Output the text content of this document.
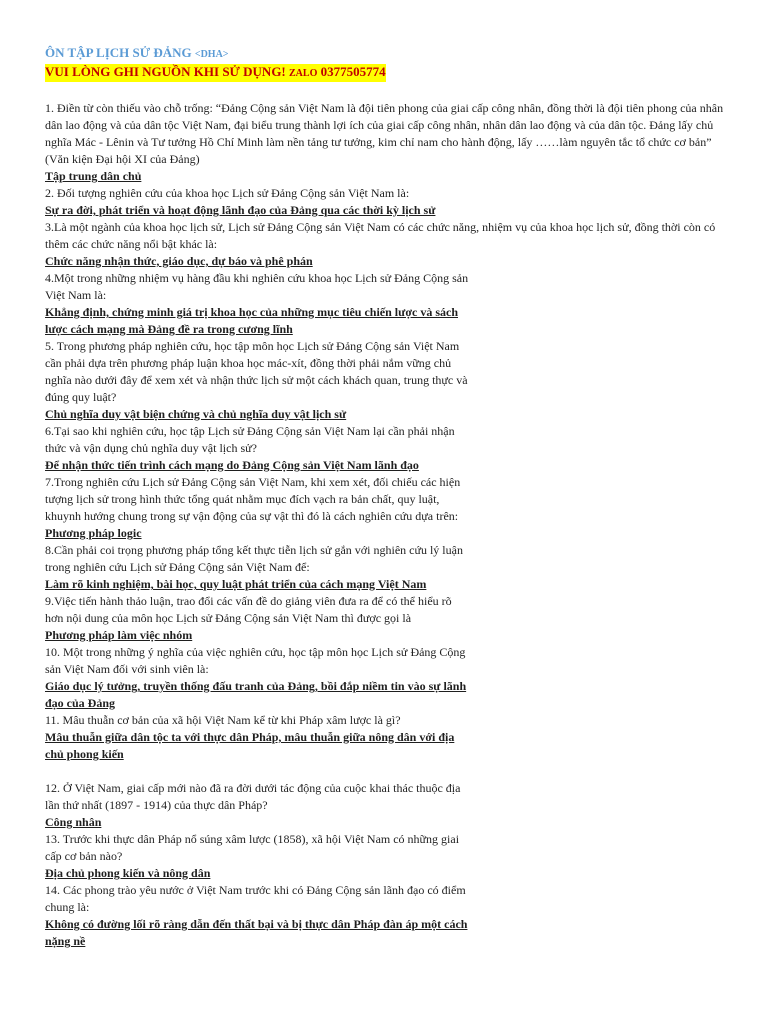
ÔN TẬP LỊCH SỬ ĐẢNG <DHA>
VUI LÒNG GHI NGUỒN KHI SỬ DỤNG! ZALO 0377505774

1. Điền từ còn thiếu vào chỗ trống: “Đảng Cộng sản Việt Nam là đội tiên phong của giai cấp công nhân, đồng thời là đội tiên phong của nhân dân lao động và của dân tộc Việt Nam, đại biểu trung thành lợi ích của giai cấp công nhân, nhân dân lao động và của dân tộc. Đảng lấy chủ nghĩa Mác - Lênin và Tư tưởng Hồ Chí Minh làm nền tảng tư tưởng, kim chỉ nam cho hành động, lấy ……làm nguyên tắc tổ chức cơ bản” (Văn kiện Đại hội XI của Đảng)

Tập trung dân chủ

2. Đối tượng nghiên cứu của khoa học Lịch sử Đảng Cộng sản Việt Nam là:

Sự ra đời, phát triển và hoạt động lãnh đạo của Đảng qua các thời kỳ lịch sử

3.Là một ngành của khoa học lịch sử, Lịch sử Đảng Cộng sản Việt Nam có các chức năng, nhiệm vụ của khoa học lịch sử, đồng thời còn có thêm các chức năng nổi bật khác là:

Chức năng nhận thức, giáo dục, dự báo và phê phán

4.Một trong những nhiệm vụ hàng đầu khi nghiên cứu khoa học Lịch sử Đảng Cộng sản Việt Nam là:

Khẳng định, chứng minh giá trị khoa học của những mục tiêu chiến lược và sách lược cách mạng mà Đảng đề ra trong cương lĩnh

5. Trong phương pháp nghiên cứu, học tập môn học Lịch sử Đảng Cộng sản Việt Nam cần phải dựa trên phương pháp luận khoa học mác-xít, đồng thời phải nắm vững chủ nghĩa nào dưới đây để xem xét và nhận thức lịch sử một cách khách quan, trung thực và đúng quy luật?

Chủ nghĩa duy vật biện chứng và chủ nghĩa duy vật lịch sử

6.Tại sao khi nghiên cứu, học tập Lịch sử Đảng Cộng sản Việt Nam lại cần phải nhận thức và vận dụng chủ nghĩa duy vật lịch sử?

Để nhận thức tiến trình cách mạng do Đảng Cộng sản Việt Nam lãnh đạo

7.Trong nghiên cứu Lịch sử Đảng Cộng sản Việt Nam, khi xem xét, đối chiếu các hiện tượng lịch sử trong hình thức tổng quát nhằm mục đích vạch ra bản chất, quy luật, khuynh hướng chung trong sự vận động của sự vật thì đó là cách nghiên cứu dựa trên:

Phương pháp logic

8.Cần phải coi trọng phương pháp tổng kết thực tiễn lịch sử gắn với nghiên cứu lý luận trong nghiên cứu Lịch sử Đảng Cộng sản Việt Nam để:

Làm rõ kinh nghiệm, bài học, quy luật phát triển của cách mạng Việt Nam

9.Việc tiến hành thảo luận, trao đổi các vấn đề do giảng viên đưa ra để có thể hiểu rõ hơn nội dung của môn học Lịch sử Đảng Cộng sản Việt Nam thì được gọi là

Phương pháp làm việc nhóm

10. Một trong những ý nghĩa của việc nghiên cứu, học tập môn học Lịch sử Đảng Cộng sản Việt Nam đối với sinh viên là:

Giáo dục lý tưởng, truyền thống đấu tranh của Đảng, bồi đắp niềm tin vào sự lãnh đạo của Đảng

11. Mâu thuẫn cơ bản của xã hội Việt Nam kể từ khi Pháp xâm lược là gì?

Mâu thuẫn giữa dân tộc ta với thực dân Pháp, mâu thuẫn giữa nông dân với địa chủ phong kiến

12. Ở Việt Nam, giai cấp mới nào đã ra đời dưới tác động của cuộc khai thác thuộc địa lần thứ nhất (1897 - 1914) của thực dân Pháp?

Công nhân

13. Trước khi thực dân Pháp nổ súng xâm lược (1858), xã hội Việt Nam có những giai cấp cơ bản nào?

Địa chủ phong kiến và nông dân

14. Các phong trào yêu nước ở Việt Nam trước khi có Đảng Cộng sản lãnh đạo có điểm chung là:

Không có đường lối rõ ràng dẫn đến thất bại và bị thực dân Pháp đàn áp một cách nặng nề
